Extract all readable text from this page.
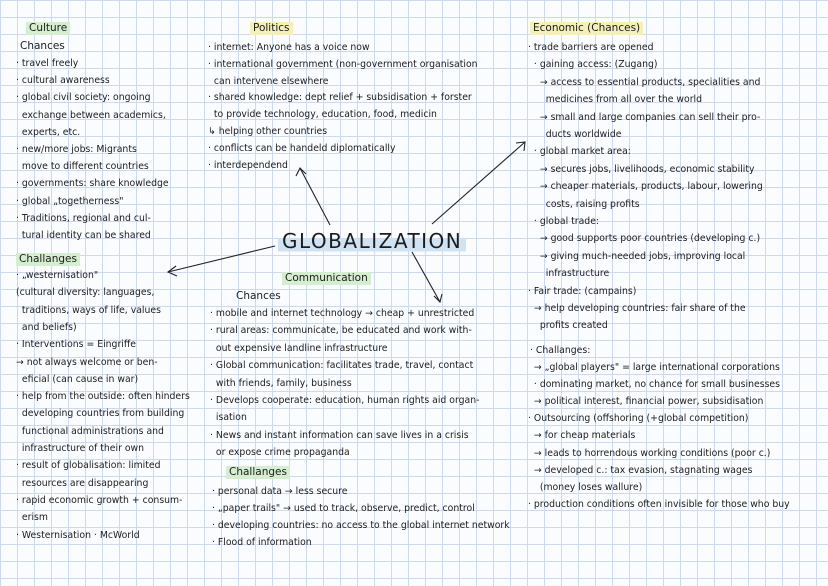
GLOBALIZATION
Culture
Chances
· travel freely
· cultural awareness
· global civil society: ongoing
exchange between academics,
experts, etc.
· new/more jobs: Migrants
move to different countries
· governments: share knowledge
· global „togetherness"
· Traditions, regional and cul-
tural identity can be shared
Challanges
· „westernisation"
(cultural diversity: languages,
traditions, ways of life, values
and beliefs)
· Interventions = Eingriffe
→ not always welcome or ben-
eficial (can cause in war)
· help from the outside: often hinders
developing countries from building
functional administrations and
infrastructure of their own
· result of globalisation: limited
resources are disappearing
· rapid economic growth + consum-
erism
· Westernisation · McWorld
Politics
· internet: Anyone has a voice now
· international government (non-government organisation
can intervene elsewhere
· shared knowledge: dept relief + subsidisation + forster
to provide technology, education, food, medicin
↳ helping other countries
· conflicts can be handeld diplomatically
· interdependend
Communication
Chances
· mobile and internet technology → cheap + unrestricted
· rural areas: communicate, be educated and work with-
out expensive landline infrastructure
· Global communication: facilitates trade, travel, contact
with friends, family, business
· Develops cooperate: education, human rights aid organ-
isation
· News and instant information can save lives in a crisis
or expose crime propaganda
Challanges
· personal data → less secure
· „paper trails" → used to track, observe, predict, control
· developing countries: no access to the global internet network
· Flood of information
Economic (Chances)
· trade barriers are opened
· gaining access: (Zugang)
→ access to essential products, specialities and
medicines from all over the world
→ small and large companies can sell their pro-
ducts worldwide
· global market area:
→ secures jobs, livelihoods, economic stability
→ cheaper materials, products, labour, lowering
costs, raising profits
· global trade:
→ good supports poor countries (developing c.)
→ giving much-needed jobs, improving local
infrastructure
· Fair trade: (campains)
→ help developing countries: fair share of the
profits created
· Challanges:
→ „global players" = large international corporations
· dominating market, no chance for small businesses
→ political interest, financial power, subsidisation
· Outsourcing (offshoring (+global competition)
→ for cheap materials
→ leads to horrendous working conditions (poor c.)
→ developed c.: tax evasion, stagnating wages
(money loses wallure)
· production conditions often invisible for those who buy
